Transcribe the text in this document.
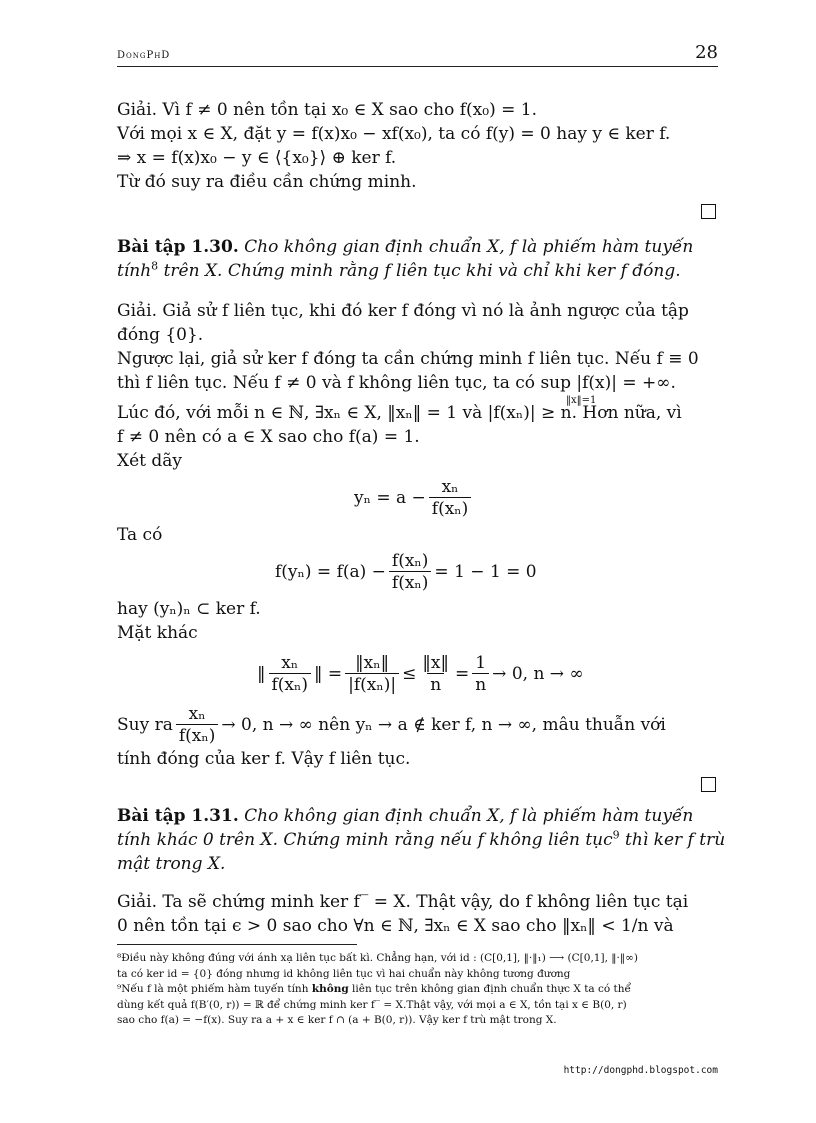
DongPhD	28
Giải. Vì f ≠ 0 nên tồn tại x₀ ∈ X sao cho f(x₀) = 1.
Với mọi x ∈ X, đặt y = f(x)x₀ − xf(x₀), ta có f(y) = 0 hay y ∈ ker f.
⇒ x = f(x)x₀ − y ∈ ⟨{x₀}⟩ ⊕ ker f.
Từ đó suy ra điều cần chứng minh.
Bài tập 1.30. Cho không gian định chuẩn X, f là phiếm hàm tuyến
tính$^8$ trên X. Chứng minh rằng f liên tục khi và chỉ khi ker f đóng.
Giải. Giả sử f liên tục, khi đó ker f đóng vì nó là ảnh ngược của tập
đóng {0}.
Ngược lại, giả sử ker f đóng ta cần chứng minh f liên tục. Nếu f ≡ 0
thì f liên tục. Nếu f ≠ 0 và f không liên tục, ta có sup |f(x)| = +∞.
‖x‖=1
Lúc đó, với mỗi n ∈ ℕ, ∃xₙ ∈ X, ‖xₙ‖ = 1 và |f(xₙ)| ≥ n. Hơn nữa, vì
f ≠ 0 nên có a ∈ X sao cho f(a) = 1.
Xét dãy
$y_n = a - \frac{\text{xₙ}}{\text{f(xₙ)}}$
Ta có
$f(y_n) = f(a) - \frac{\text{f(xₙ)}}{\text{f(xₙ)}} = 1 - 1 = 0$
hay (yₙ)ₙ ⊂ ker f.
Mặt khác
‖ $\frac{\text{xₙ}}{\text{f(xₙ)}}$ ‖ = $\frac{\text{‖xₙ‖}}{\text{|f(xₙ)|}} \le \frac{‖x‖}{n} = \frac{1}{n} \to 0$, n → ∞
Suy ra $\frac{\text{xₙ}}{\text{f(xₙ)}} \to 0$, n → ∞ nên yₙ → a ∉ ker f, n → ∞, mâu thuẫn với
tính đóng của ker f. Vậy f liên tục.
Bài tập 1.31. Cho không gian định chuẩn X, f là phiếm hàm tuyến
tính khác 0 trên X. Chứng minh rằng nếu f không liên tục$^9$ thì ker f trù
mật trong X.
Giải. Ta sẽ chứng minh ker f‾ = X. Thật vậy, do f không liên tục tại
0 nên tồn tại ϵ > 0 sao cho ∀n ∈ ℕ, ∃xₙ ∈ X sao cho ‖xₙ‖ < 1/n và
⁸Điều này không đúng với ánh xạ liên tục bất kì. Chẳng hạn, với id : (C[0,1], ‖·‖₁) ⟶ (C[0,1], ‖·‖∞)
ta có ker id = {0} đóng nhưng id không liên tục vì hai chuẩn này không tương đương
⁹Nếu f là một phiếm hàm tuyến tính không liên tục trên không gian định chuẩn thực X ta có thể
dùng kết quả f(B′(0, r)) = ℝ để chứng minh ker f‾ = X.Thật vậy, với mọi a ∈ X, tồn tại x ∈ B(0, r)
sao cho f(a) = −f(x). Suy ra a + x ∈ ker f ∩ (a + B(0, r)). Vậy ker f trù mật trong X.
http://dongphd.blogspot.com
